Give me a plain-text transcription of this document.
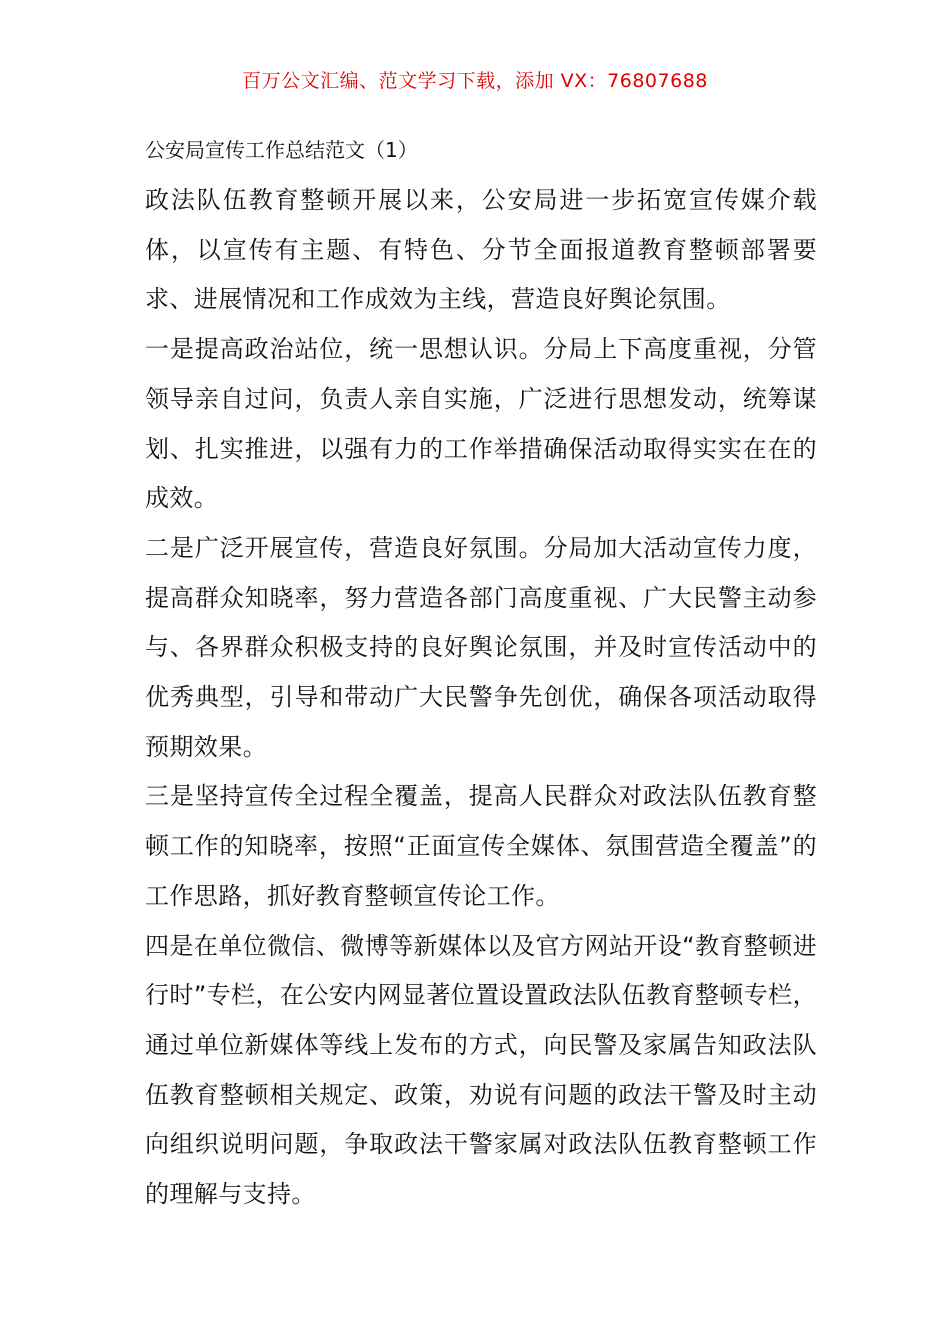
百万公文汇编、范文学习下载，添加 VX：76807688
公安局宣传工作总结范文（1）

政法队伍教育整顿开展以来，公安局进一步拓宽宣传媒介载体，以宣传有主题、有特色、分节全面报道教育整顿部署要求、进展情况和工作成效为主线，营造良好舆论氛围。

一是提高政治站位，统一思想认识。分局上下高度重视，分管领导亲自过问，负责人亲自实施，广泛进行思想发动，统筹谋划、扎实推进，以强有力的工作举措确保活动取得实实在在的成效。

二是广泛开展宣传，营造良好氛围。分局加大活动宣传力度，提高群众知晓率，努力营造各部门高度重视、广大民警主动参与、各界群众积极支持的良好舆论氛围，并及时宣传活动中的优秀典型，引导和带动广大民警争先创优，确保各项活动取得预期效果。

三是坚持宣传全过程全覆盖，提高人民群众对政法队伍教育整顿工作的知晓率，按照“正面宣传全媒体、氛围营造全覆盖”的工作思路，抓好教育整顿宣传论工作。

四是在单位微信、微博等新媒体以及官方网站开设“教育整顿进行时”专栏，在公安内网显著位置设置政法队伍教育整顿专栏，通过单位新媒体等线上发布的方式，向民警及家属告知政法队伍教育整顿相关规定、政策，劝说有问题的政法干警及时主动向组织说明问题，争取政法干警家属对政法队伍教育整顿工作的理解与支持。
